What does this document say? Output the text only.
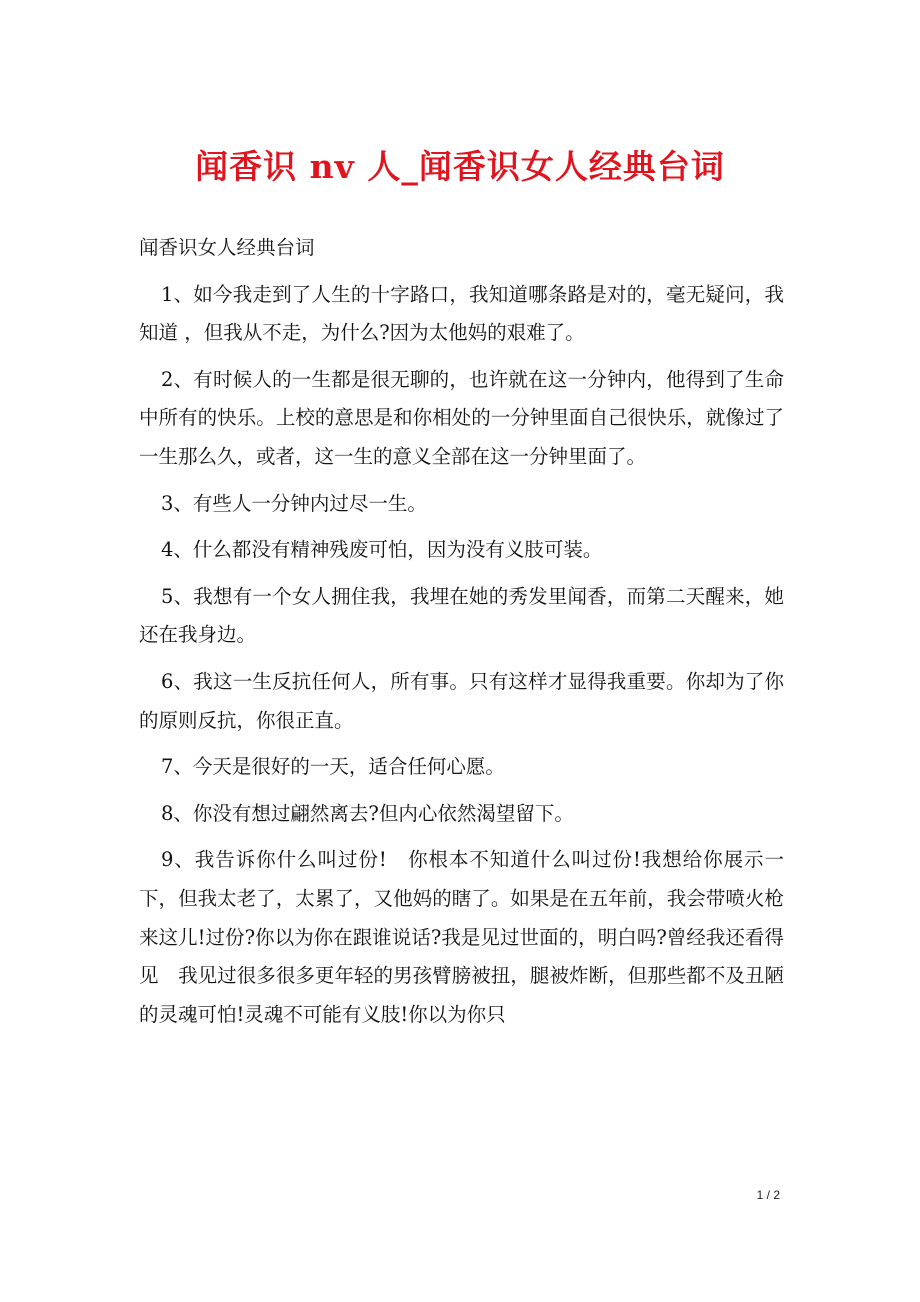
闻香识 nv 人_闻香识女人经典台词

闻香识女人经典台词

1、如今我走到了人生的十字路口，我知道哪条路是对的，毫无疑问，我知道 ，但我从不走，为什么?因为太他妈的艰难了。

2、有时候人的一生都是很无聊的，也许就在这一分钟内，他得到了生命中所有的快乐。上校的意思是和你相处的一分钟里面自己很快乐，就像过了一生那么久，或者，这一生的意义全部在这一分钟里面了。

3、有些人一分钟内过尽一生。

4、什么都没有精神残废可怕，因为没有义肢可装。

5、我想有一个女人拥住我，我埋在她的秀发里闻香，而第二天醒来，她还在我身边。

6、我这一生反抗任何人，所有事。只有这样才显得我重要。你却为了你的原则反抗，你很正直。

7、今天是很好的一天，适合任何心愿。

8、你没有想过翩然离去?但内心依然渴望留下。

9、我告诉你什么叫过份!　你根本不知道什么叫过份!我想给你展示一下，但我太老了，太累了，又他妈的瞎了。如果是在五年前，我会带喷火枪来这儿!过份?你以为你在跟谁说话?我是见过世面的，明白吗?曾经我还看得见　我见过很多很多更年轻的男孩臂膀被扭，腿被炸断，但那些都不及丑陋的灵魂可怕!灵魂不可能有义肢!你以为你只

1 / 2
